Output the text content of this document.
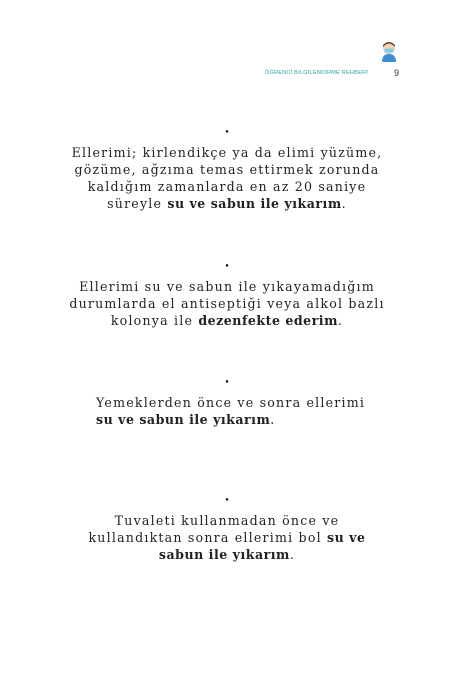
ÖĞRENCİ BİLGİLENDİRME REHBERİ	9
•
Ellerimi; kirlendikçe ya da elimi yüzüme,
gözüme, ağzıma temas ettirmek zorunda
kaldığım zamanlarda en az 20 saniye
süreyle su ve sabun ile yıkarım.
•
Ellerimi su ve sabun ile yıkayamadığım
durumlarda el antiseptiği veya alkol bazlı
kolonya ile dezenfekte ederim.
•
Yemeklerden önce ve sonra ellerimi
su ve sabun ile yıkarım.
•
Tuvaleti kullanmadan önce ve
kullandıktan sonra ellerimi bol su ve
sabun ile yıkarım.
